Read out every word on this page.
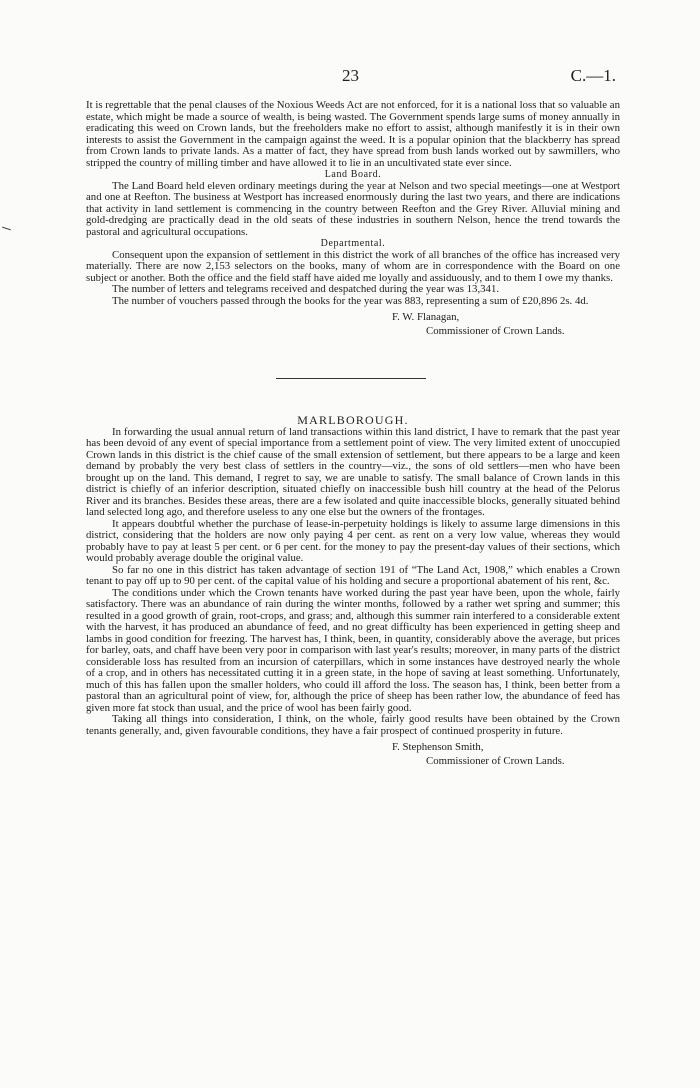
23	C.—1.

It is regrettable that the penal clauses of the Noxious Weeds Act are not enforced, for it is a national loss that so valuable an estate, which might be made a source of wealth, is being wasted. The Government spends large sums of money annually in eradicating this weed on Crown lands, but the freeholders make no effort to assist, although manifestly it is in their own interests to assist the Government in the campaign against the weed. It is a popular opinion that the blackberry has spread from Crown lands to private lands. As a matter of fact, they have spread from bush lands worked out by sawmillers, who stripped the country of milling timber and have allowed it to lie in an uncultivated state ever since.

Land Board.

The Land Board held eleven ordinary meetings during the year at Nelson and two special meetings—one at Westport and one at Reefton. The business at Westport has increased enormously during the last two years, and there are indications that activity in land settlement is commencing in the country between Reefton and the Grey River. Alluvial mining and gold-dredging are practically dead in the old seats of these industries in southern Nelson, hence the trend towards the pastoral and agricultural occupations.

Departmental.

Consequent upon the expansion of settlement in this district the work of all branches of the office has increased very materially. There are now 2,153 selectors on the books, many of whom are in correspondence with the Board on one subject or another. Both the office and the field staff have aided me loyally and assiduously, and to them I owe my thanks.

The number of letters and telegrams received and despatched during the year was 13,341.

The number of vouchers passed through the books for the year was 883, representing a sum of £20,896 2s. 4d.

F. W. Flanagan,
Commissioner of Crown Lands.

MARLBOROUGH.

In forwarding the usual annual return of land transactions within this land district, I have to remark that the past year has been devoid of any event of special importance from a settlement point of view. The very limited extent of unoccupied Crown lands in this district is the chief cause of the small extension of settlement, but there appears to be a large and keen demand by probably the very best class of settlers in the country—viz., the sons of old settlers—men who have been brought up on the land. This demand, I regret to say, we are unable to satisfy. The small balance of Crown lands in this district is chiefly of an inferior description, situated chiefly on inaccessible bush hill country at the head of the Pelorus River and its branches. Besides these areas, there are a few isolated and quite inaccessible blocks, generally situated behind land selected long ago, and therefore useless to any one else but the owners of the frontages.

It appears doubtful whether the purchase of lease-in-perpetuity holdings is likely to assume large dimensions in this district, considering that the holders are now only paying 4 per cent. as rent on a very low value, whereas they would probably have to pay at least 5 per cent. or 6 per cent. for the money to pay the present-day values of their sections, which would probably average double the original value.

So far no one in this district has taken advantage of section 191 of “The Land Act, 1908,” which enables a Crown tenant to pay off up to 90 per cent. of the capital value of his holding and secure a proportional abatement of his rent, &c.

The conditions under which the Crown tenants have worked during the past year have been, upon the whole, fairly satisfactory. There was an abundance of rain during the winter months, followed by a rather wet spring and summer; this resulted in a good growth of grain, root-crops, and grass; and, although this summer rain interfered to a considerable extent with the harvest, it has produced an abundance of feed, and no great difficulty has been experienced in getting sheep and lambs in good condition for freezing. The harvest has, I think, been, in quantity, considerably above the average, but prices for barley, oats, and chaff have been very poor in comparison with last year's results; moreover, in many parts of the district considerable loss has resulted from an incursion of caterpillars, which in some instances have destroyed nearly the whole of a crop, and in others has necessitated cutting it in a green state, in the hope of saving at least something. Unfortunately, much of this has fallen upon the smaller holders, who could ill afford the loss. The season has, I think, been better from a pastoral than an agricultural point of view, for, although the price of sheep has been rather low, the abundance of feed has given more fat stock than usual, and the price of wool has been fairly good.

Taking all things into consideration, I think, on the whole, fairly good results have been obtained by the Crown tenants generally, and, given favourable conditions, they have a fair prospect of continued prosperity in future.

F. Stephenson Smith,
Commissioner of Crown Lands.
